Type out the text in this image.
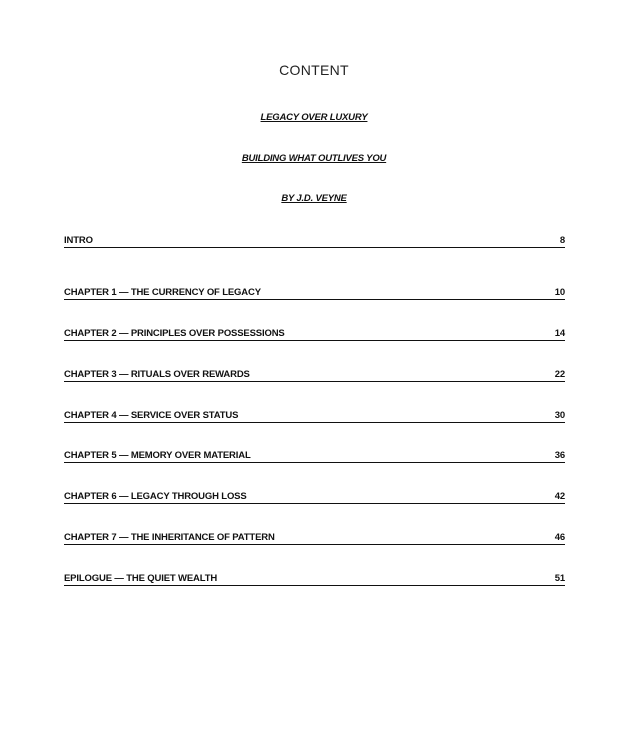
CONTENT
LEGACY OVER LUXURY
BUILDING WHAT OUTLIVES YOU
BY J.D. VEYNE
INTRO	8
CHAPTER 1 — THE CURRENCY OF LEGACY	10
CHAPTER 2 — PRINCIPLES OVER POSSESSIONS	14
CHAPTER 3 — RITUALS OVER REWARDS	22
CHAPTER 4 — SERVICE OVER STATUS	30
CHAPTER 5 — MEMORY OVER MATERIAL	36
CHAPTER 6 — LEGACY THROUGH LOSS	42
CHAPTER 7 — THE INHERITANCE OF PATTERN	46
EPILOGUE — THE QUIET WEALTH	51
